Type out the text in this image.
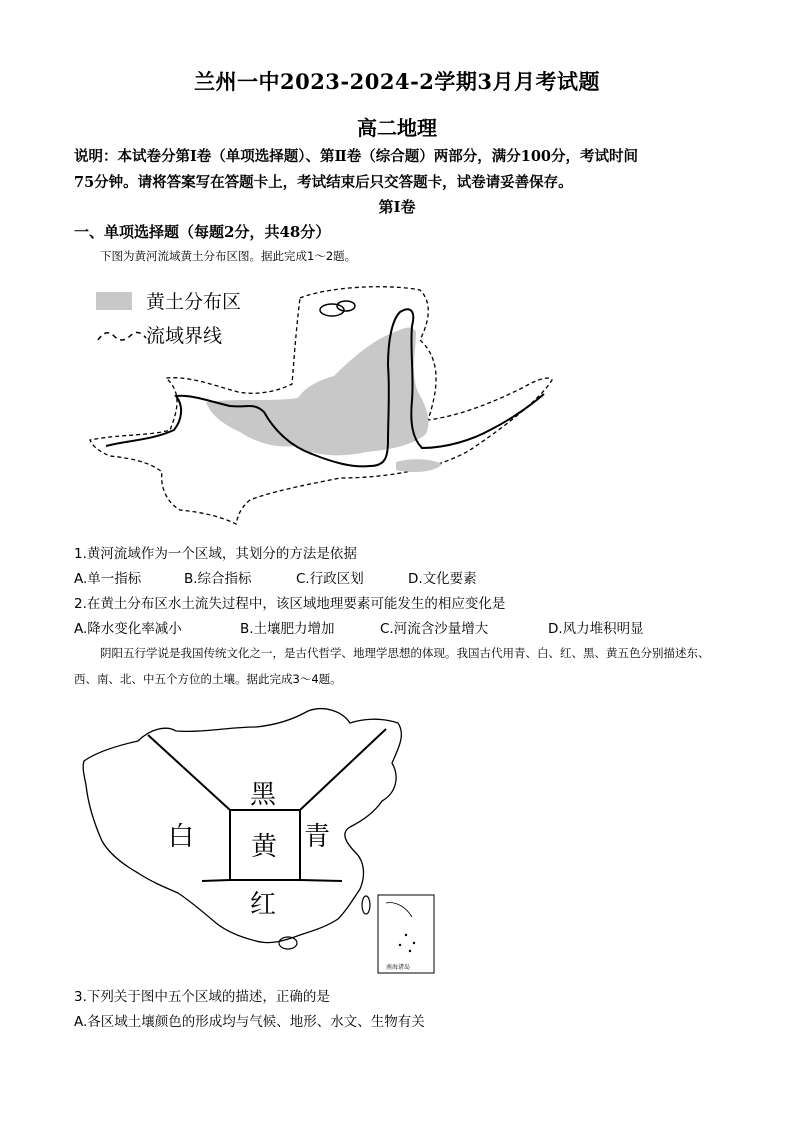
兰州一中2023-2024-2学期3月月考试题
高二地理
说明：本试卷分第Ⅰ卷（单项选择题）、第Ⅱ卷（综合题）两部分，满分100分，考试时间
75分钟。请将答案写在答题卡上，考试结束后只交答题卡，试卷请妥善保存。
第Ⅰ卷
一、单项选择题（每题2分，共48分）
下图为黄河流域黄土分布区图。据此完成1～2题。
黄土分布区
流域界线
1.黄河流域作为一个区域，其划分的方法是依据
A.单一指标	B.综合指标	C.行政区划	D.文化要素
2.在黄土分布区水土流失过程中，该区域地理要素可能发生的相应变化是
A.降水变化率减小	B.土壤肥力增加	C.河流含沙量增大	D.风力堆积明显
阴阳五行学说是我国传统文化之一，是古代哲学、地理学思想的体现。我国古代用青、白、红、黑、黄五色分别描述东、西、南、北、中五个方位的土壤。据此完成3～4题。
黑
白 黄 青
红
南海诸岛
3.下列关于图中五个区域的描述，正确的是
A.各区域土壤颜色的形成均与气候、地形、水文、生物有关
